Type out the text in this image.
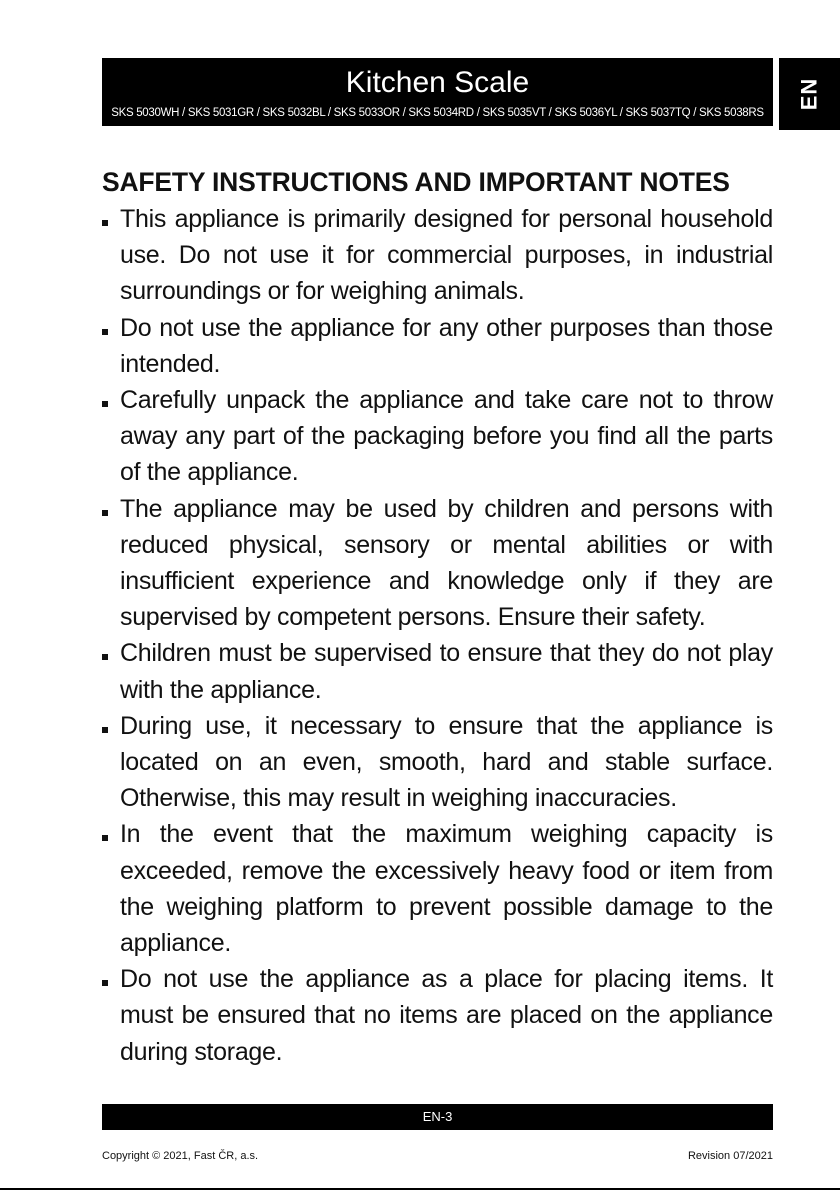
Kitchen Scale
SKS 5030WH / SKS 5031GR / SKS 5032BL / SKS 5033OR / SKS 5034RD / SKS 5035VT / SKS 5036YL / SKS 5037TQ / SKS 5038RS
EN
SAFETY INSTRUCTIONS AND IMPORTANT NOTES
This appliance is primarily designed for personal household use. Do not use it for commercial purposes, in industrial surroundings or for weighing animals.
Do not use the appliance for any other purposes than those intended.
Carefully unpack the appliance and take care not to throw away any part of the packaging before you find all the parts of the appliance.
The appliance may be used by children and persons with reduced physical, sensory or mental abilities or with insufficient experience and knowledge only if they are supervised by competent persons. Ensure their safety.
Children must be supervised to ensure that they do not play with the appliance.
During use, it necessary to ensure that the appliance is located on an even, smooth, hard and stable surface. Otherwise, this may result in weighing inaccuracies.
In the event that the maximum weighing capacity is exceeded, remove the excessively heavy food or item from the weighing platform to prevent possible damage to the appliance.
Do not use the appliance as a place for placing items. It must be ensured that no items are placed on the appliance during storage.
EN-3
Copyright © 2021, Fast ČR, a.s.	Revision 07/2021
